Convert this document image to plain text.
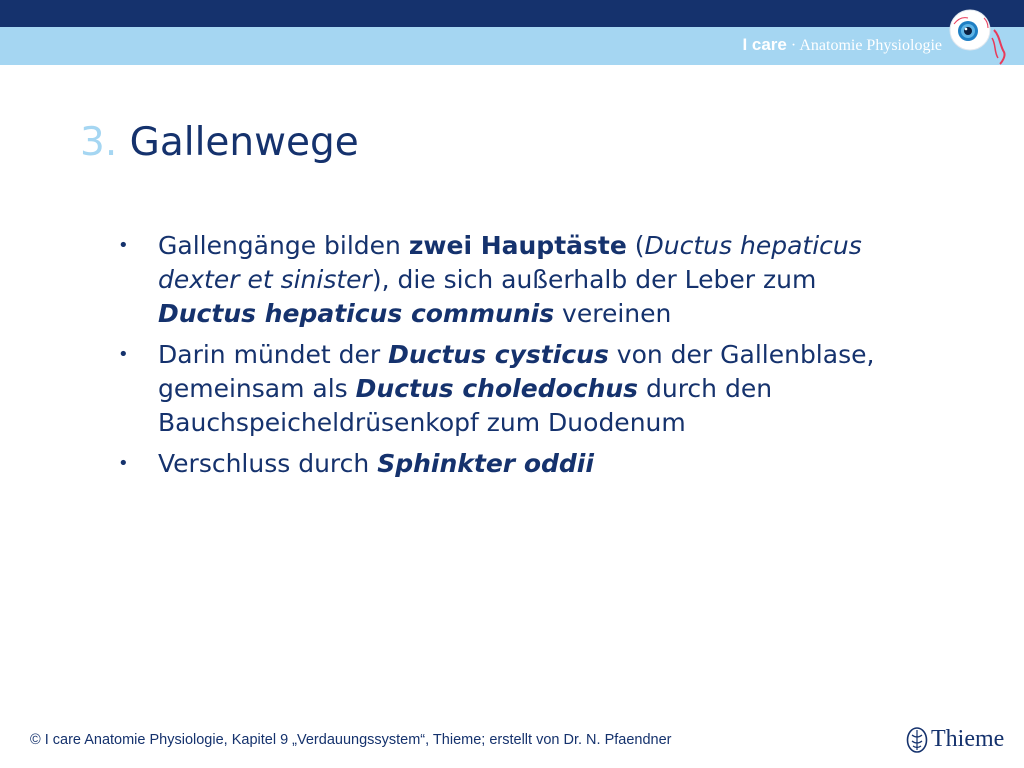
I care · Anatomie Physiologie
3. Gallenwege
• Gallengänge bilden zwei Hauptäste (Ductus hepaticus dexter et sinister), die sich außerhalb der Leber zum Ductus hepaticus communis vereinen
• Darin mündet der Ductus cysticus von der Gallenblase, gemeinsam als Ductus choledochus durch den Bauchspeicheldrüsenkopf zum Duodenum
• Verschluss durch Sphinkter oddii
© I care Anatomie Physiologie, Kapitel 9 „Verdauungssystem“, Thieme; erstellt von Dr. N. Pfaendner	Thieme
